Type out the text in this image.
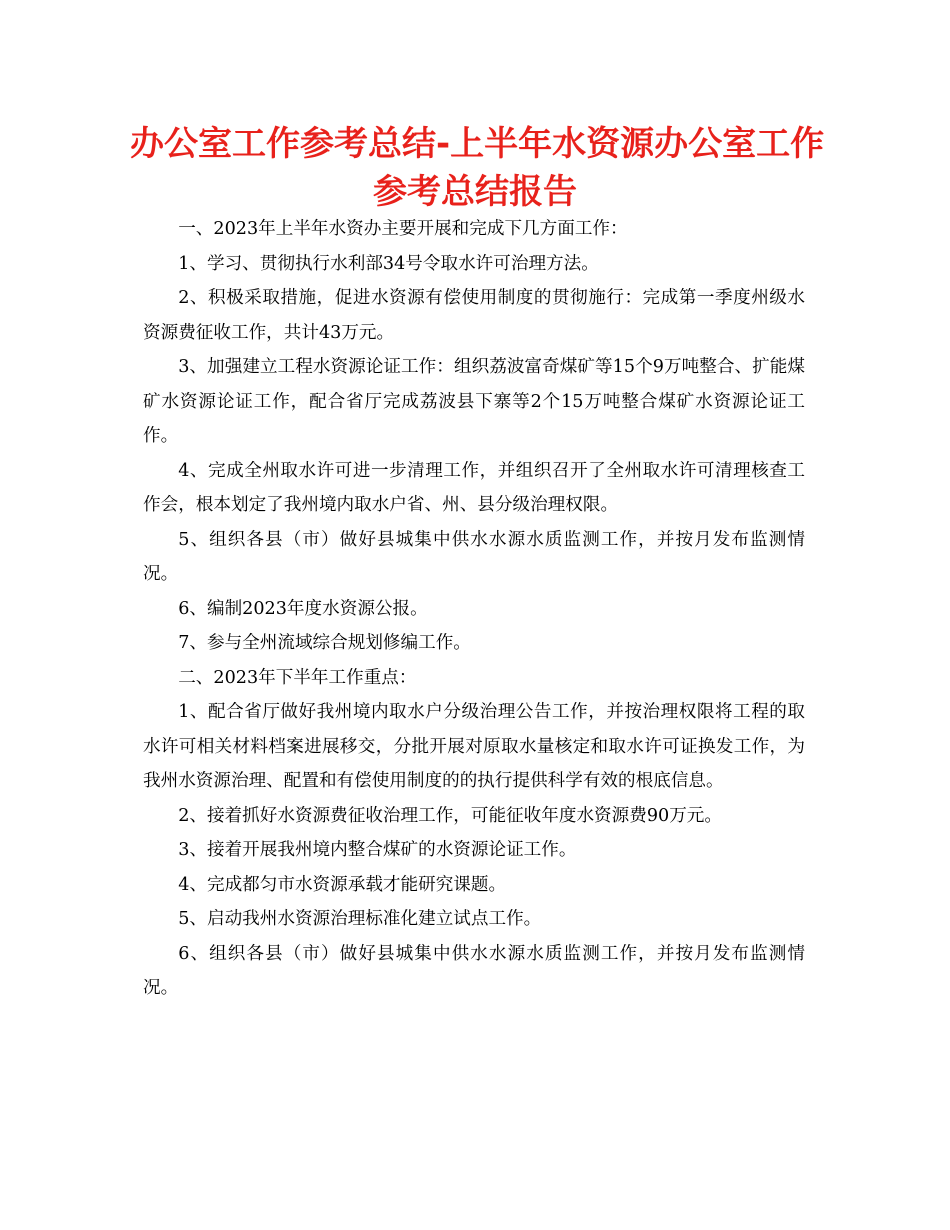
办公室工作参考总结-上半年水资源办公室工作
参考总结报告

一、2023年上半年水资办主要开展和完成下几方面工作：

1、学习、贯彻执行水利部34号令取水许可治理方法。

2、积极采取措施，促进水资源有偿使用制度的贯彻施行：完成第一季度州级水资源费征收工作，共计43万元。

3、加强建立工程水资源论证工作：组织荔波富奇煤矿等15个9万吨整合、扩能煤矿水资源论证工作，配合省厅完成荔波县下寨等2个15万吨整合煤矿水资源论证工作。

4、完成全州取水许可进一步清理工作，并组织召开了全州取水许可清理核查工作会，根本划定了我州境内取水户省、州、县分级治理权限。

5、组织各县（市）做好县城集中供水水源水质监测工作，并按月发布监测情况。

6、编制2023年度水资源公报。

7、参与全州流域综合规划修编工作。

二、2023年下半年工作重点：

1、配合省厅做好我州境内取水户分级治理公告工作，并按治理权限将工程的取水许可相关材料档案进展移交，分批开展对原取水量核定和取水许可证换发工作，为我州水资源治理、配置和有偿使用制度的的执行提供科学有效的根底信息。

2、接着抓好水资源费征收治理工作，可能征收年度水资源费90万元。

3、接着开展我州境内整合煤矿的水资源论证工作。

4、完成都匀市水资源承载才能研究课题。

5、启动我州水资源治理标准化建立试点工作。

6、组织各县（市）做好县城集中供水水源水质监测工作，并按月发布监测情况。
